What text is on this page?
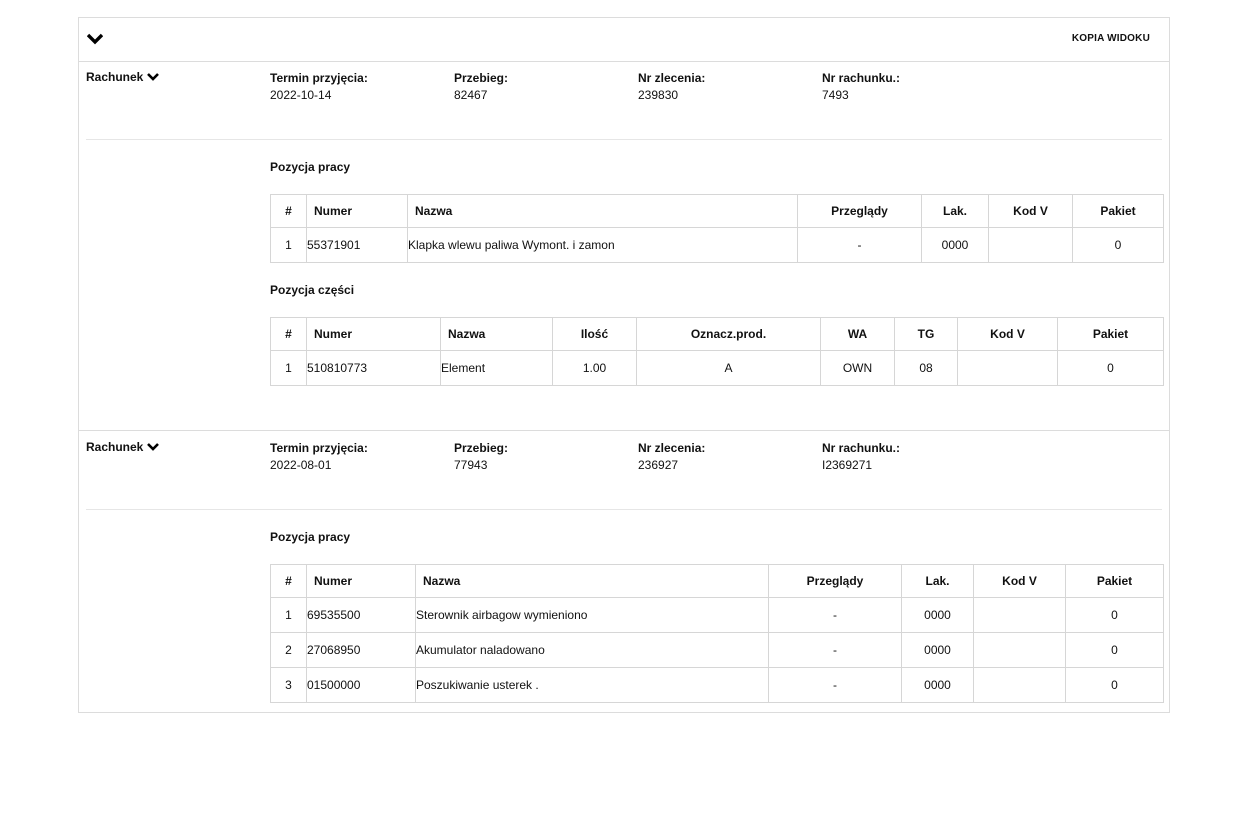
KOPIA WIDOKU
Rachunek	Termin przyjęcia:
2022-10-14
Przebieg:
82467
Nr zlecenia:
239830
Nr rachunku.:
7493
Pozycja pracy
#	Numer	Nazwa	Przeglądy	Lak.	Kod V	Pakiet
1	55371901	Klapka wlewu paliwa Wymont. i zamon	-	0000		0
Pozycja części
#	Numer	Nazwa	Ilość	Oznacz.prod.	WA	TG	Kod V	Pakiet
1	510810773	Element	1.00	A	OWN	08		0
Rachunek	Termin przyjęcia:
2022-08-01
Przebieg:
77943
Nr zlecenia:
236927
Nr rachunku.:
I2369271
Pozycja pracy
#	Numer	Nazwa	Przeglądy	Lak.	Kod V	Pakiet
1	69535500	Sterownik airbagow wymieniono	-	0000		0
2	27068950	Akumulator naladowano	-	0000		0
3	01500000	Poszukiwanie usterek .	-	0000		0
